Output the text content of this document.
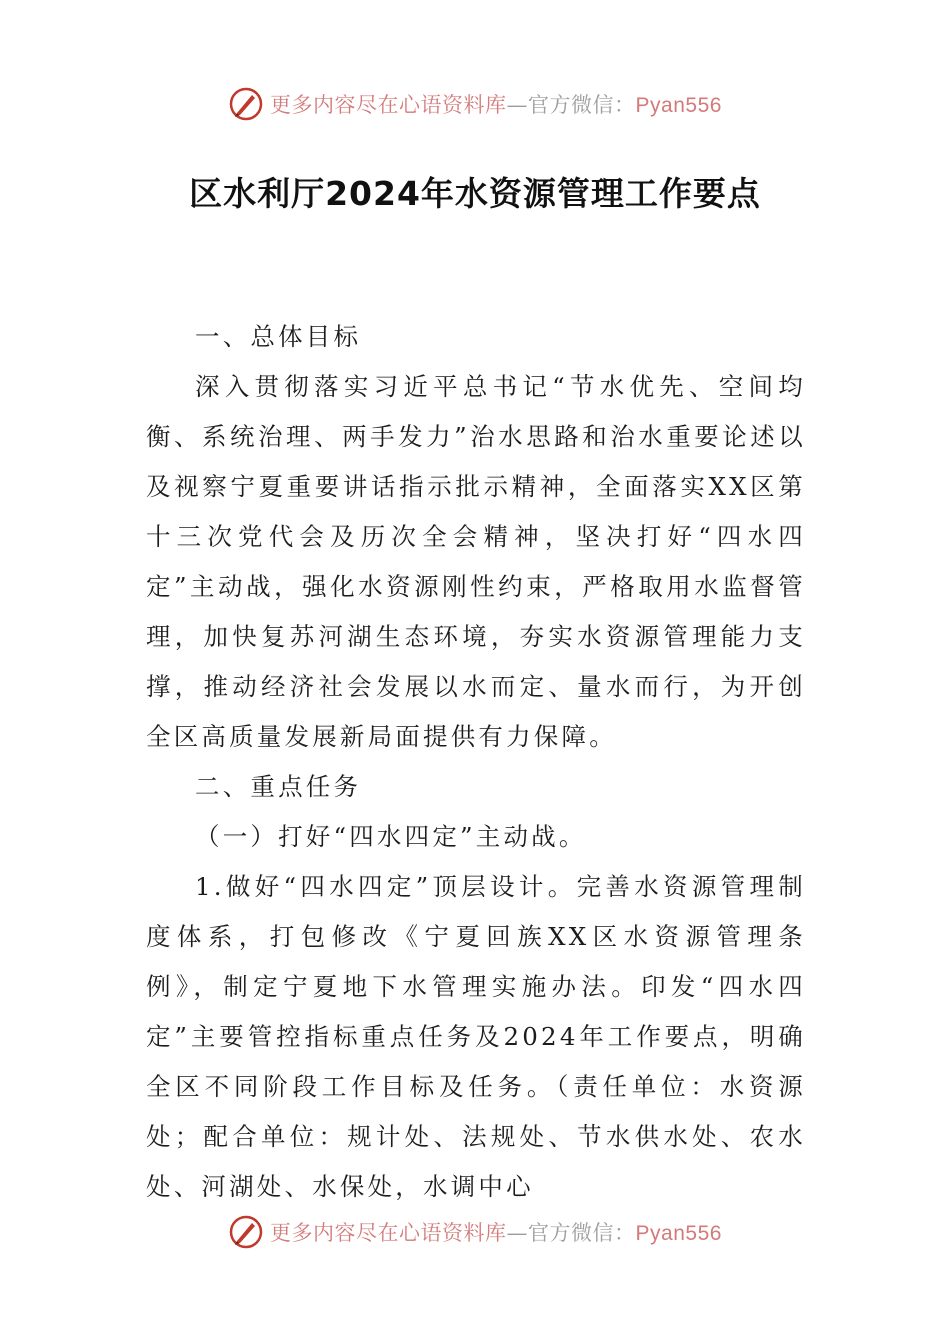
更多内容尽在心语资料库—官方微信：Pyan556
区水利厅2024年水资源管理工作要点

一、总体目标

深入贯彻落实习近平总书记“节水优先、空间均衡、系统治理、两手发力”治水思路和治水重要论述以及视察宁夏重要讲话指示批示精神，全面落实XX区第十三次党代会及历次全会精神，坚决打好“四水四定”主动战，强化水资源刚性约束，严格取用水监督管理，加快复苏河湖生态环境，夯实水资源管理能力支撑，推动经济社会发展以水而定、量水而行，为开创全区高质量发展新局面提供有力保障。

二、重点任务

（一）打好“四水四定”主动战。

1.做好“四水四定”顶层设计。完善水资源管理制度体系，打包修改《宁夏回族XX区水资源管理条例》，制定宁夏地下水管理实施办法。印发“四水四定”主要管控指标重点任务及2024年工作要点，明确全区不同阶段工作目标及任务。（责任单位：水资源处；配合单位：规计处、法规处、节水供水处、农水处、河湖处、水保处，水调中心

更多内容尽在心语资料库—官方微信：Pyan556
